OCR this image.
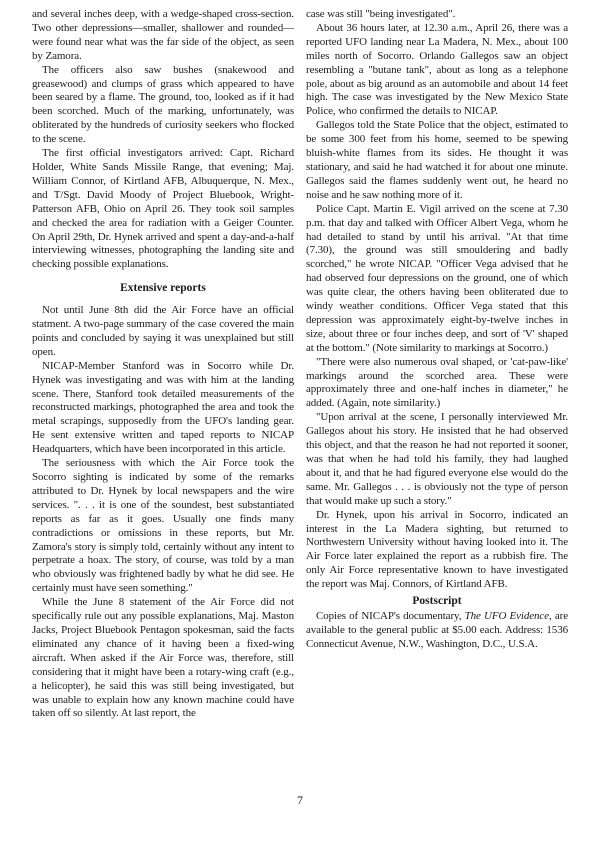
and several inches deep, with a wedge-shaped cross-section. Two other depressions—smaller, shallower and rounded—were found near what was the far side of the object, as seen by Zamora.

The officers also saw bushes (snakewood and greasewood) and clumps of grass which appeared to have been seared by a flame. The ground, too, looked as if it had been scorched. Much of the marking, unfortunately, was obliterated by the hundreds of curiosity seekers who flocked to the scene.

The first official investigators arrived: Capt. Richard Holder, White Sands Missile Range, that evening; Maj. William Connor, of Kirtland AFB, Albuquerque, N. Mex., and T/Sgt. David Moody of Project Bluebook, Wright-Patterson AFB, Ohio on April 26. They took soil samples and checked the area for radiation with a Geiger Counter. On April 29th, Dr. Hynek arrived and spent a day-and-a-half interviewing witnesses, photographing the landing site and checking possible explanations.

Extensive reports

Not until June 8th did the Air Force have an official statment. A two-page summary of the case covered the main points and concluded by saying it was unexplained but still open.

NICAP-Member Stanford was in Socorro while Dr. Hynek was investigating and was with him at the landing scene. There, Stanford took detailed measurements of the reconstructed markings, photographed the area and took the metal scrapings, supposedly from the UFO's landing gear. He sent extensive written and taped reports to NICAP Headquarters, which have been incorporated in this article.

The seriousness with which the Air Force took the Socorro sighting is indicated by some of the remarks attributed to Dr. Hynek by local newspapers and the wire services. ". . . it is one of the soundest, best substantiated reports as far as it goes. Usually one finds many contradictions or omissions in these reports, but Mr. Zamora's story is simply told, certainly without any intent to perpetrate a hoax. The story, of course, was told by a man who obviously was frightened badly by what he did see. He certainly must have seen something."

While the June 8 statement of the Air Force did not specifically rule out any possible explanations, Maj. Maston Jacks, Project Bluebook Pentagon spokesman, said the facts eliminated any chance of it having been a fixed-wing aircraft. When asked if the Air Force was, therefore, still considering that it might have been a rotary-wing craft (e.g., a helicopter), he said this was still being investigated, but was unable to explain how any known machine could have taken off so silently. At last report, the

case was still "being investigated".

About 36 hours later, at 12.30 a.m., April 26, there was a reported UFO landing near La Madera, N. Mex., about 100 miles north of Socorro. Orlando Gallegos saw an object resembling a "butane tank", about as long as a telephone pole, about as big around as an automobile and about 14 feet high. The case was investigated by the New Mexico State Police, who confirmed the details to NICAP.

Gallegos told the State Police that the object, estimated to be some 300 feet from his home, seemed to be spewing bluish-white flames from its sides. He thought it was stationary, and said he had watched it for about one minute. Gallegos said the flames suddenly went out, he heard no noise and he saw nothing more of it.

Police Capt. Martin E. Vigil arrived on the scene at 7.30 p.m. that day and talked with Officer Albert Vega, whom he had detailed to stand by until his arrival. "At that time (7.30), the ground was still smouldering and badly scorched," he wrote NICAP. "Officer Vega advised that he had observed four depressions on the ground, one of which was quite clear, the others having been obliterated due to windy weather conditions. Officer Vega stated that this depression was approximately eight-by-twelve inches in size, about three or four inches deep, and sort of 'V' shaped at the bottom." (Note similarity to markings at Socorro.)

"There were also numerous oval shaped, or 'cat-paw-like' markings around the scorched area. These were approximately three and one-half inches in diameter," he added. (Again, note similarity.)

"Upon arrival at the scene, I personally interviewed Mr. Gallegos about his story. He insisted that he had observed this object, and that the reason he had not reported it sooner, was that when he had told his family, they had laughed about it, and that he had figured everyone else would do the same. Mr. Gallegos . . . is obviously not the type of person that would make up such a story."

Dr. Hynek, upon his arrival in Socorro, indicated an interest in the La Madera sighting, but returned to Northwestern University without having looked into it. The Air Force later explained the report as a rubbish fire. The only Air Force representative known to have investigated the report was Maj. Connors, of Kirtland AFB.

Postscript

Copies of NICAP's documentary, The UFO Evidence, are available to the general public at $5.00 each. Address: 1536 Connecticut Avenue, N.W., Washington, D.C., U.S.A.

7
